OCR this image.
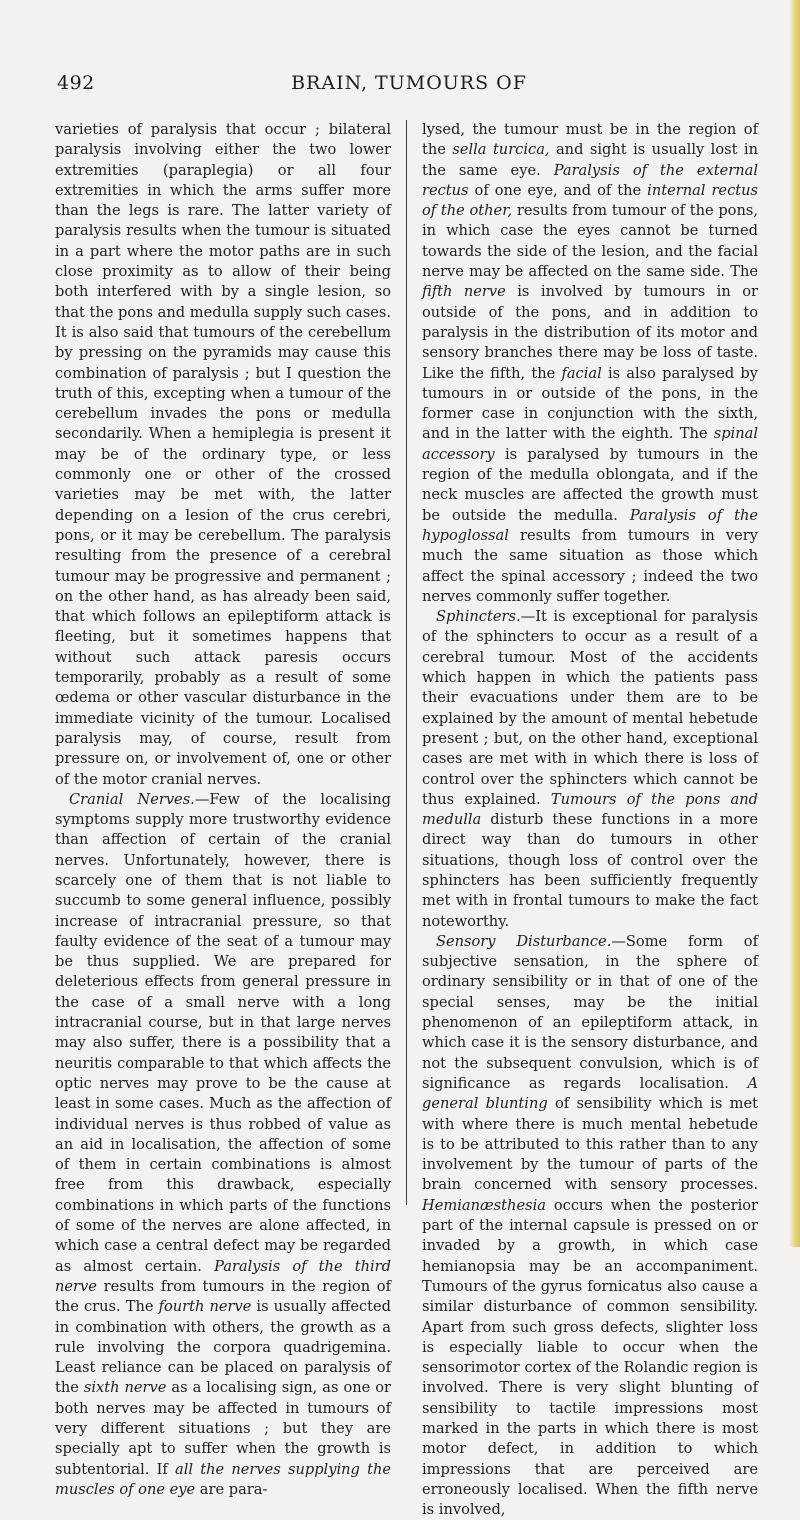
492	BRAIN, TUMOURS OF

varieties of paralysis that occur ; bilateral paralysis involving either the two lower extremities (paraplegia) or all four extremities in which the arms suffer more than the legs is rare. The latter variety of paralysis results when the tumour is situated in a part where the motor paths are in such close proximity as to allow of their being both interfered with by a single lesion, so that the pons and medulla supply such cases. It is also said that tumours of the cerebellum by pressing on the pyramids may cause this combination of paralysis ; but I question the truth of this, excepting when a tumour of the cerebellum invades the pons or medulla secondarily. When a hemiplegia is present it may be of the ordinary type, or less commonly one or other of the crossed varieties may be met with, the latter depending on a lesion of the crus cerebri, pons, or it may be cerebellum. The paralysis resulting from the presence of a cerebral tumour may be progressive and permanent ; on the other hand, as has already been said, that which follows an epileptiform attack is fleeting, but it sometimes happens that without such attack paresis occurs temporarily, probably as a result of some œdema or other vascular disturbance in the immediate vicinity of the tumour. Localised paralysis may, of course, result from pressure on, or involvement of, one or other of the motor cranial nerves.

Cranial Nerves.—Few of the localising symptoms supply more trustworthy evidence than affection of certain of the cranial nerves. Unfortunately, however, there is scarcely one of them that is not liable to succumb to some general influence, possibly increase of intracranial pressure, so that faulty evidence of the seat of a tumour may be thus supplied. We are prepared for deleterious effects from general pressure in the case of a small nerve with a long intracranial course, but in that large nerves may also suffer, there is a possibility that a neuritis comparable to that which affects the optic nerves may prove to be the cause at least in some cases. Much as the affection of individual nerves is thus robbed of value as an aid in localisation, the affection of some of them in certain combinations is almost free from this drawback, especially combinations in which parts of the functions of some of the nerves are alone affected, in which case a central defect may be regarded as almost certain. Paralysis of the third nerve results from tumours in the region of the crus. The fourth nerve is usually affected in combination with others, the growth as a rule involving the corpora quadrigemina. Least reliance can be placed on paralysis of the sixth nerve as a localising sign, as one or both nerves may be affected in tumours of very different situations ; but they are specially apt to suffer when the growth is subtentorial. If all the nerves supplying the muscles of one eye are para-

lysed, the tumour must be in the region of the sella turcica, and sight is usually lost in the same eye. Paralysis of the external rectus of one eye, and of the internal rectus of the other, results from tumour of the pons, in which case the eyes cannot be turned towards the side of the lesion, and the facial nerve may be affected on the same side. The fifth nerve is involved by tumours in or outside of the pons, and in addition to paralysis in the distribution of its motor and sensory branches there may be loss of taste. Like the fifth, the facial is also paralysed by tumours in or outside of the pons, in the former case in conjunction with the sixth, and in the latter with the eighth. The spinal accessory is paralysed by tumours in the region of the medulla oblongata, and if the neck muscles are affected the growth must be outside the medulla. Paralysis of the hypoglossal results from tumours in very much the same situation as those which affect the spinal accessory ; indeed the two nerves commonly suffer together.

Sphincters.—It is exceptional for paralysis of the sphincters to occur as a result of a cerebral tumour. Most of the accidents which happen in which the patients pass their evacuations under them are to be explained by the amount of mental hebetude present ; but, on the other hand, exceptional cases are met with in which there is loss of control over the sphincters which cannot be thus explained. Tumours of the pons and medulla disturb these functions in a more direct way than do tumours in other situations, though loss of control over the sphincters has been sufficiently frequently met with in frontal tumours to make the fact noteworthy.

Sensory Disturbance.—Some form of subjective sensation, in the sphere of ordinary sensibility or in that of one of the special senses, may be the initial phenomenon of an epileptiform attack, in which case it is the sensory disturbance, and not the subsequent convulsion, which is of significance as regards localisation. A general blunting of sensibility which is met with where there is much mental hebetude is to be attributed to this rather than to any involvement by the tumour of parts of the brain concerned with sensory processes. Hemianæsthesia occurs when the posterior part of the internal capsule is pressed on or invaded by a growth, in which case hemianopsia may be an accompaniment. Tumours of the gyrus fornicatus also cause a similar disturbance of common sensibility. Apart from such gross defects, slighter loss is especially liable to occur when the sensorimotor cortex of the Rolandic region is involved. There is very slight blunting of sensibility to tactile impressions most marked in the parts in which there is most motor defect, in addition to which impressions that are perceived are erroneously localised. When the fifth nerve is involved,
